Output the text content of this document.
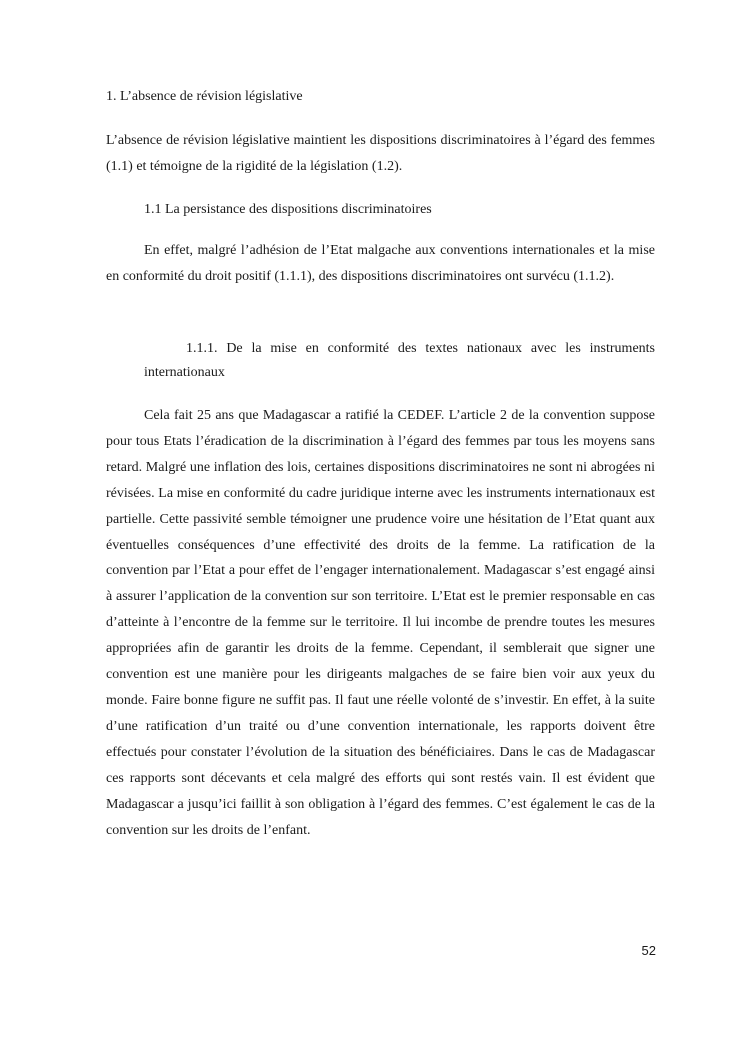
1. L’absence de révision législative

L’absence de révision législative maintient les dispositions discriminatoires à l’égard des femmes (1.1) et témoigne de la rigidité de la législation (1.2).

1.1 La persistance des dispositions discriminatoires

En effet, malgré l’adhésion de l’Etat malgache aux conventions internationales et la mise en conformité du droit positif (1.1.1), des dispositions discriminatoires ont survécu (1.1.2).

1.1.1. De la mise en conformité des textes nationaux avec les instruments internationaux

Cela fait 25 ans que Madagascar a ratifié la CEDEF. L’article 2 de la convention suppose pour tous Etats l’éradication de la discrimination à l’égard des femmes par tous les moyens sans retard. Malgré une inflation des lois, certaines dispositions discriminatoires ne sont ni abrogées ni révisées. La mise en conformité du cadre juridique interne avec les instruments internationaux est partielle. Cette passivité semble témoigner une prudence voire une hésitation de l’Etat quant aux éventuelles conséquences d’une effectivité des droits de la femme. La ratification de la convention par l’Etat a pour effet de l’engager internationalement. Madagascar s’est engagé ainsi à assurer l’application de la convention sur son territoire. L’Etat est le premier responsable en cas d’atteinte à l’encontre de la femme sur le territoire. Il lui incombe de prendre toutes les mesures appropriées afin de garantir les droits de la femme. Cependant, il semblerait que signer une convention est une manière pour les dirigeants malgaches de se faire bien voir aux yeux du monde. Faire bonne figure ne suffit pas. Il faut une réelle volonté de s’investir. En effet, à la suite d’une ratification d’un traité ou d’une convention internationale, les rapports doivent être effectués pour constater l’évolution de la situation des bénéficiaires. Dans le cas de Madagascar ces rapports sont décevants et cela malgré des efforts qui sont restés vain. Il est évident que Madagascar a jusqu’ici faillit à son obligation à l’égard des femmes. C’est également le cas de la convention sur les droits de l’enfant.

52
